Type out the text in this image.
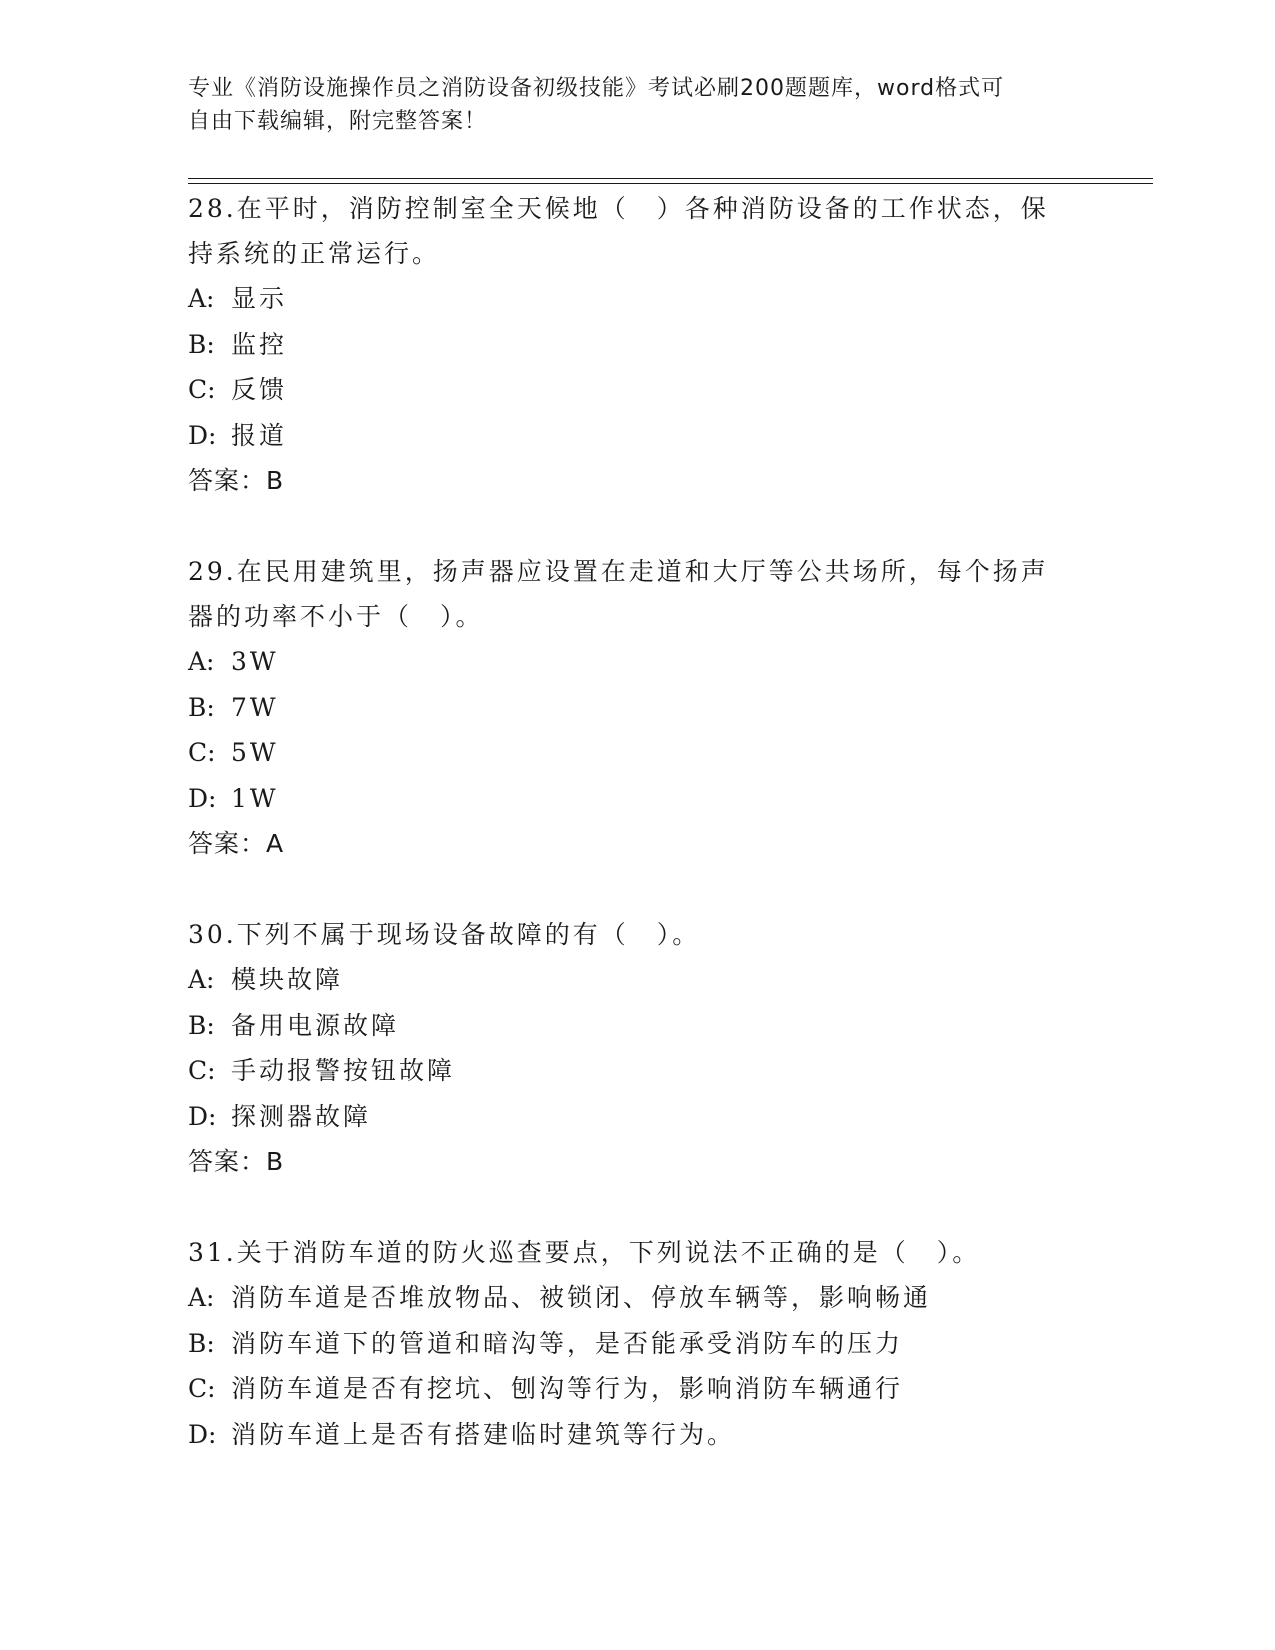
专业《消防设施操作员之消防设备初级技能》考试必刷200题题库，word格式可
自由下载编辑，附完整答案！
28.在平时，消防控制室全天候地（　）各种消防设备的工作状态，保
持系统的正常运行。
A: 显示
B: 监控
C: 反馈
D: 报道
答案：B
29.在民用建筑里，扬声器应设置在走道和大厅等公共场所，每个扬声
器的功率不小于（　）。
A: 3W
B: 7W
C: 5W
D: 1W
答案：A
30.下列不属于现场设备故障的有（　）。
A: 模块故障
B: 备用电源故障
C: 手动报警按钮故障
D: 探测器故障
答案：B
31.关于消防车道的防火巡查要点，下列说法不正确的是（　）。
A: 消防车道是否堆放物品、被锁闭、停放车辆等，影响畅通
B: 消防车道下的管道和暗沟等，是否能承受消防车的压力
C: 消防车道是否有挖坑、刨沟等行为，影响消防车辆通行
D: 消防车道上是否有搭建临时建筑等行为。
